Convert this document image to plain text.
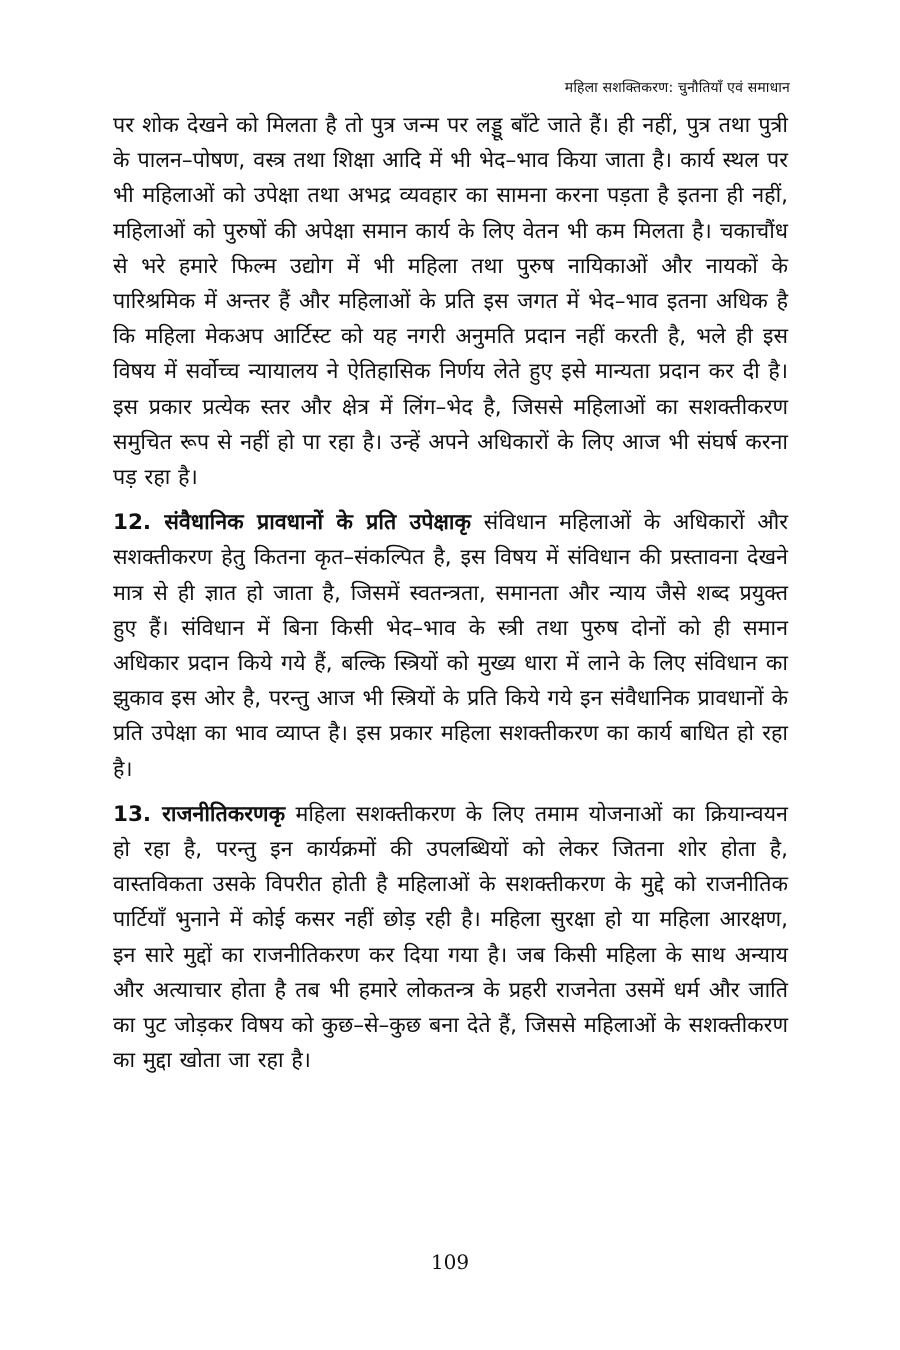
महिला सशक्तिकरण: चुनौतियाँ एवं समाधान

पर शोक देखने को मिलता है तो पुत्र जन्म पर लड्डू बाँटे जाते हैं। ही नहीं, पुत्र तथा पुत्री के पालन–पोषण, वस्त्र तथा शिक्षा आदि में भी भेद–भाव किया जाता है। कार्य स्थल पर भी महिलाओं को उपेक्षा तथा अभद्र व्यवहार का सामना करना पड़ता है इतना ही नहीं, महिलाओं को पुरुषों की अपेक्षा समान कार्य के लिए वेतन भी कम मिलता है। चकाचौंध से भरे हमारे फिल्म उद्योग में भी महिला तथा पुरुष नायिकाओं और नायकों के पारिश्रमिक में अन्तर हैं और महिलाओं के प्रति इस जगत में भेद–भाव इतना अधिक है कि महिला मेकअप आर्टिस्ट को यह नगरी अनुमति प्रदान नहीं करती है, भले ही इस विषय में सर्वोच्च न्यायालय ने ऐतिहासिक निर्णय लेते हुए इसे मान्यता प्रदान कर दी है। इस प्रकार प्रत्येक स्तर और क्षेत्र में लिंग–भेद है, जिससे महिलाओं का सशक्तीकरण समुचित रूप से नहीं हो पा रहा है। उन्हें अपने अधिकारों के लिए आज भी संघर्ष करना पड़ रहा है।

12. संवैधानिक प्रावधानों के प्रति उपेक्षाकृ संविधान महिलाओं के अधिकारों और सशक्तीकरण हेतु कितना कृत–संकल्पित है, इस विषय में संविधान की प्रस्तावना देखने मात्र से ही ज्ञात हो जाता है, जिसमें स्वतन्त्रता, समानता और न्याय जैसे शब्द प्रयुक्त हुए हैं। संविधान में बिना किसी भेद–भाव के स्त्री तथा पुरुष दोनों को ही समान अधिकार प्रदान किये गये हैं, बल्कि स्त्रियों को मुख्य धारा में लाने के लिए संविधान का झुकाव इस ओर है, परन्तु आज भी स्त्रियों के प्रति किये गये इन संवैधानिक प्रावधानों के प्रति उपेक्षा का भाव व्याप्त है। इस प्रकार महिला सशक्तीकरण का कार्य बाधित हो रहा है।

13. राजनीतिकरणकृ महिला सशक्तीकरण के लिए तमाम योजनाओं का क्रियान्वयन हो रहा है, परन्तु इन कार्यक्रमों की उपलब्धियों को लेकर जितना शोर होता है, वास्तविकता उसके विपरीत होती है महिलाओं के सशक्तीकरण के मुद्दे को राजनीतिक पार्टियाँ भुनाने में कोई कसर नहीं छोड़ रही है। महिला सुरक्षा हो या महिला आरक्षण, इन सारे मुद्दों का राजनीतिकरण कर दिया गया है। जब किसी महिला के साथ अन्याय और अत्याचार होता है तब भी हमारे लोकतन्त्र के प्रहरी राजनेता उसमें धर्म और जाति का पुट जोड़कर विषय को कुछ–से–कुछ बना देते हैं, जिससे महिलाओं के सशक्तीकरण का मुद्दा खोता जा रहा है।

109
